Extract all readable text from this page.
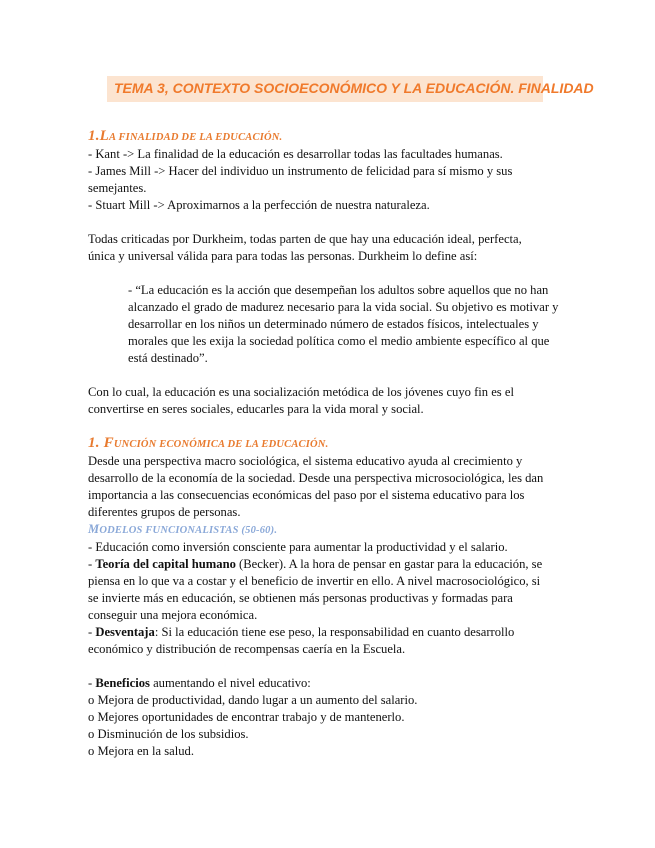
TEMA 3, CONTEXTO SOCIOECONÓMICO Y LA EDUCACIÓN. FINALIDAD
1.LA FINALIDAD DE LA EDUCACIÓN.

- Kant -> La finalidad de la educación es desarrollar todas las facultades humanas.

- James Mill -> Hacer del individuo un instrumento de felicidad para sí mismo y sus semejantes.

- Stuart Mill -> Aproximarnos a la perfección de nuestra naturaleza.

Todas criticadas por Durkheim, todas parten de que hay una educación ideal, perfecta, única y universal válida para para todas las personas. Durkheim lo define así:

- “La educación es la acción que desempeñan los adultos sobre aquellos que no han alcanzado el grado de madurez necesario para la vida social. Su objetivo es motivar y desarrollar en los niños un determinado número de estados físicos, intelectuales y morales que les exija la sociedad política como el medio ambiente específico al que está destinado”.

Con lo cual, la educación es una socialización metódica de los jóvenes cuyo fin es el convertirse en seres sociales, educarles para la vida moral y social.

1. FUNCIÓN ECONÓMICA DE LA EDUCACIÓN.

Desde una perspectiva macro sociológica, el sistema educativo ayuda al crecimiento y desarrollo de la economía de la sociedad. Desde una perspectiva microsociológica, les dan importancia a las consecuencias económicas del paso por el sistema educativo para los diferentes grupos de personas.

MODELOS FUNCIONALISTAS (50-60).

- Educación como inversión consciente para aumentar la productividad y el salario.

- Teoría del capital humano (Becker). A la hora de pensar en gastar para la educación, se piensa en lo que va a costar y el beneficio de invertir en ello. A nivel macrosociológico, si se invierte más en educación, se obtienen más personas productivas y formadas para conseguir una mejora económica.

- Desventaja: Si la educación tiene ese peso, la responsabilidad en cuanto desarrollo económico y distribución de recompensas caería en la Escuela.

- Beneficios aumentando el nivel educativo:

o Mejora de productividad, dando lugar a un aumento del salario.

o Mejores oportunidades de encontrar trabajo y de mantenerlo.

o Disminución de los subsidios.

o Mejora en la salud.
